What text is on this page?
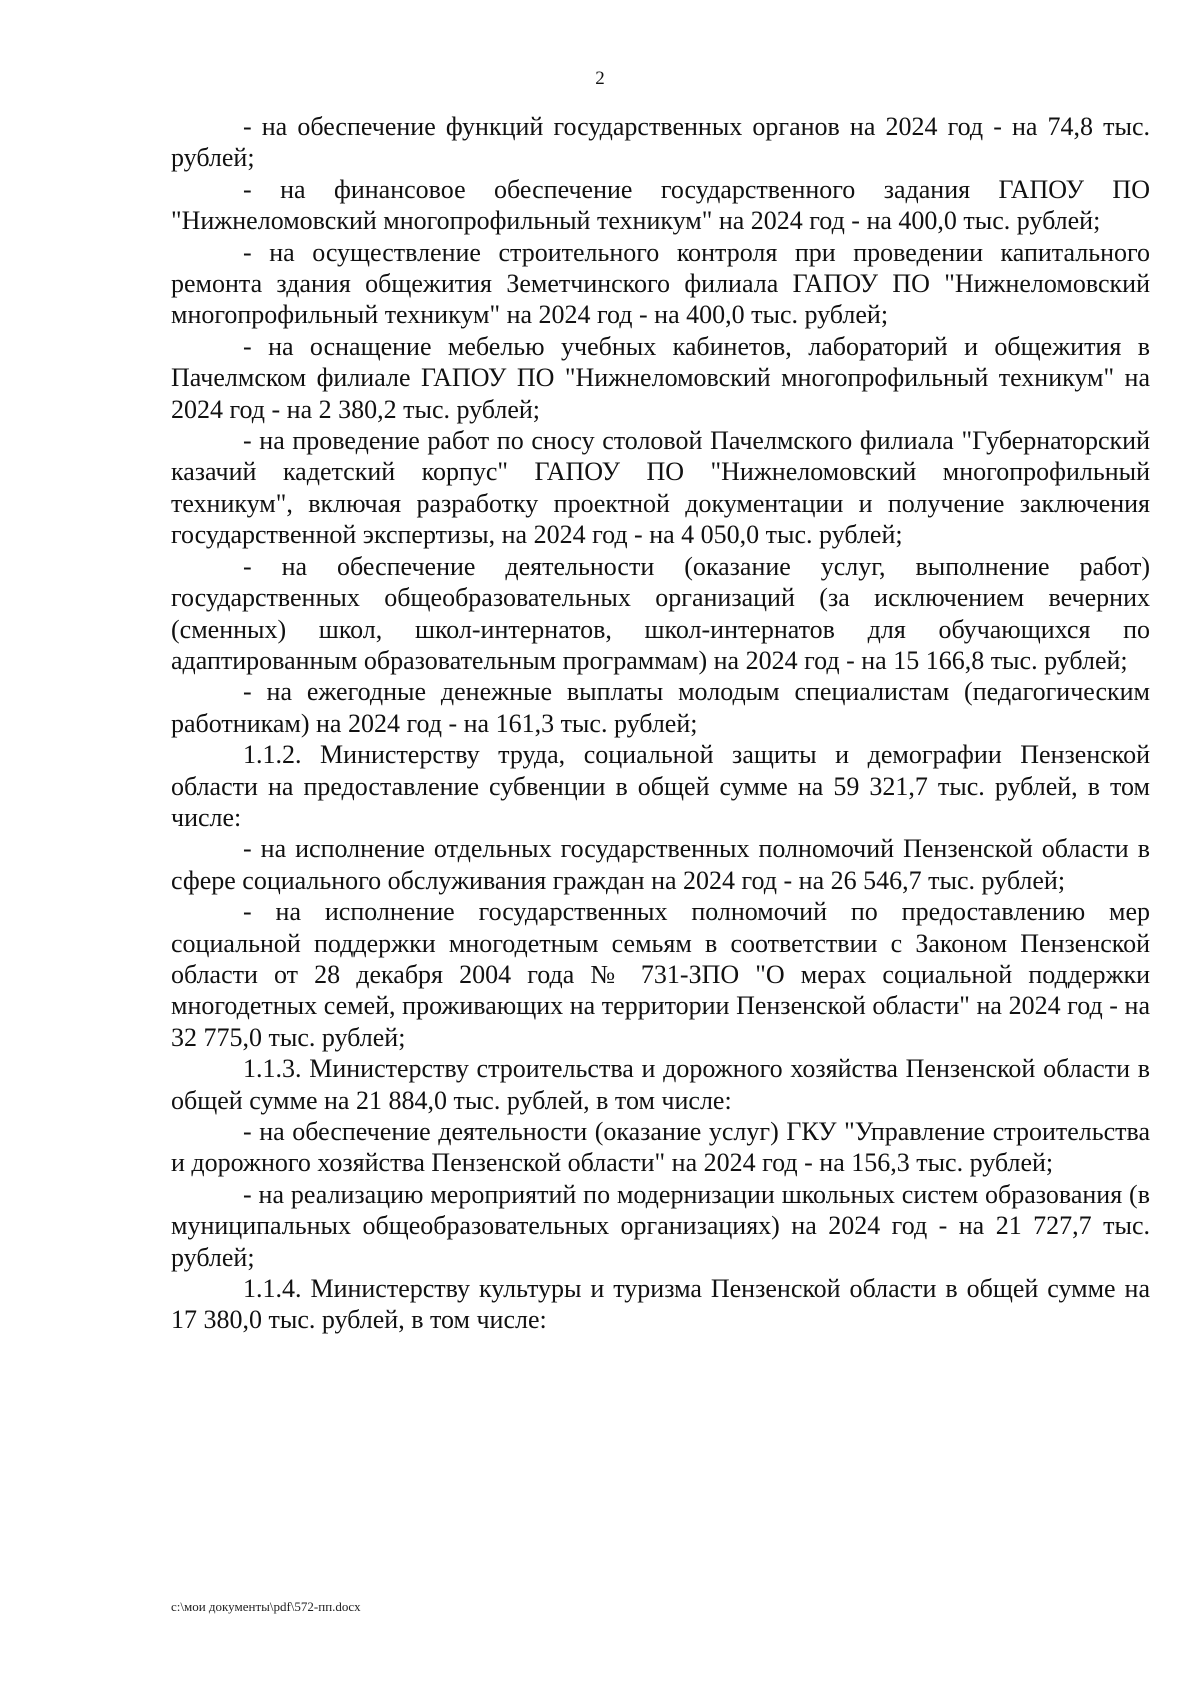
2

- на обеспечение функций государственных органов на 2024 год - на 74,8 тыс. рублей;

- на финансовое обеспечение государственного задания ГАПОУ ПО "Нижнеломовский многопрофильный техникум" на 2024 год - на 400,0 тыс. рублей;

- на осуществление строительного контроля при проведении капитального ремонта здания общежития Земетчинского филиала ГАПОУ ПО "Нижнеломовский многопрофильный техникум" на 2024 год - на 400,0 тыс. рублей;

- на оснащение мебелью учебных кабинетов, лабораторий и общежития в Пачелмском филиале ГАПОУ ПО "Нижнеломовский многопрофильный техникум" на 2024 год - на 2 380,2 тыс. рублей;

- на проведение работ по сносу столовой Пачелмского филиала "Губернаторский казачий кадетский корпус" ГАПОУ ПО "Нижнеломовский многопрофильный техникум", включая разработку проектной документации и получение заключения государственной экспертизы, на 2024 год - на 4 050,0 тыс. рублей;

- на обеспечение деятельности (оказание услуг, выполнение работ) государственных общеобразовательных организаций (за исключением вечерних (сменных) школ, школ-интернатов, школ-интернатов для обучающихся по адаптированным образовательным программам) на 2024 год - на 15 166,8 тыс. рублей;

- на ежегодные денежные выплаты молодым специалистам (педагогическим работникам) на 2024 год - на 161,3 тыс. рублей;

1.1.2. Министерству труда, социальной защиты и демографии Пензенской области на предоставление субвенции в общей сумме на 59 321,7 тыс. рублей, в том числе:

- на исполнение отдельных государственных полномочий Пензенской области в сфере социального обслуживания граждан на 2024 год - на 26 546,7 тыс. рублей;

- на исполнение государственных полномочий по предоставлению мер социальной поддержки многодетным семьям в соответствии с Законом Пензенской области от 28 декабря 2004 года № 731-ЗПО "О мерах социальной поддержки многодетных семей, проживающих на территории Пензенской области" на 2024 год - на 32 775,0 тыс. рублей;

1.1.3. Министерству строительства и дорожного хозяйства Пензенской области в общей сумме на 21 884,0 тыс. рублей, в том числе:

- на обеспечение деятельности (оказание услуг) ГКУ "Управление строительства и дорожного хозяйства Пензенской области" на 2024 год - на 156,3 тыс. рублей;

- на реализацию мероприятий по модернизации школьных систем образования (в муниципальных общеобразовательных организациях) на 2024 год - на 21 727,7 тыс. рублей;

1.1.4. Министерству культуры и туризма Пензенской области в общей сумме на 17 380,0 тыс. рублей, в том числе:

c:\мои документы\pdf\572-пп.docx
